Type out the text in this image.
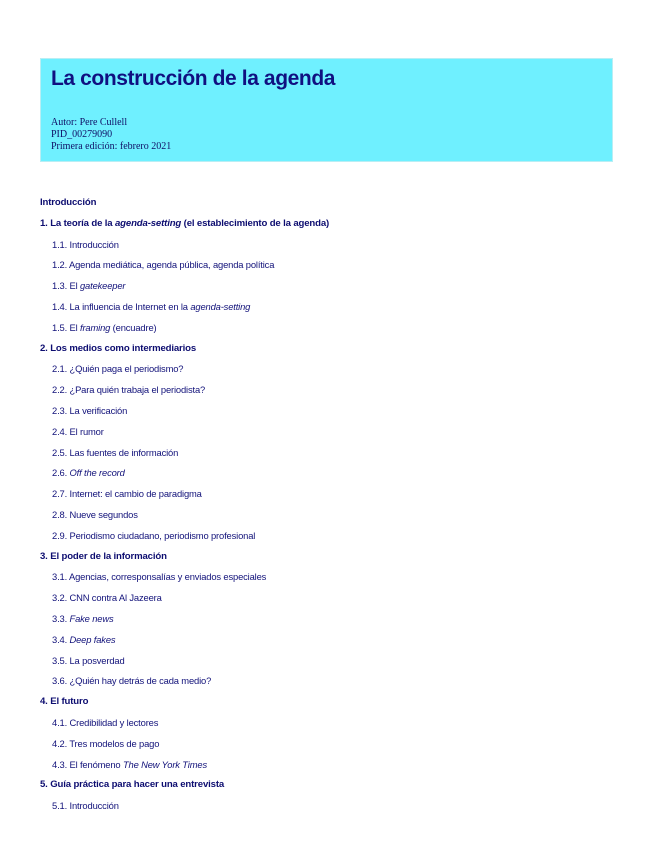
La construcción de la agenda
Autor: Pere Cullell
PID_00279090
Primera edición: febrero 2021
Introducción
1. La teoría de la agenda-setting (el establecimiento de la agenda)
1.1. Introducción
1.2. Agenda mediática, agenda pública, agenda política
1.3. El gatekeeper
1.4. La influencia de Internet en la agenda-setting
1.5. El framing (encuadre)
2. Los medios como intermediarios
2.1. ¿Quién paga el periodismo?
2.2. ¿Para quién trabaja el periodista?
2.3. La verificación
2.4. El rumor
2.5. Las fuentes de información
2.6. Off the record
2.7. Internet: el cambio de paradigma
2.8. Nueve segundos
2.9. Periodismo ciudadano, periodismo profesional
3. El poder de la información
3.1. Agencias, corresponsalías y enviados especiales
3.2. CNN contra Al Jazeera
3.3. Fake news
3.4. Deep fakes
3.5. La posverdad
3.6. ¿Quién hay detrás de cada medio?
4. El futuro
4.1. Credibilidad y lectores
4.2. Tres modelos de pago
4.3. El fenómeno The New York Times
5. Guía práctica para hacer una entrevista
5.1. Introducción
